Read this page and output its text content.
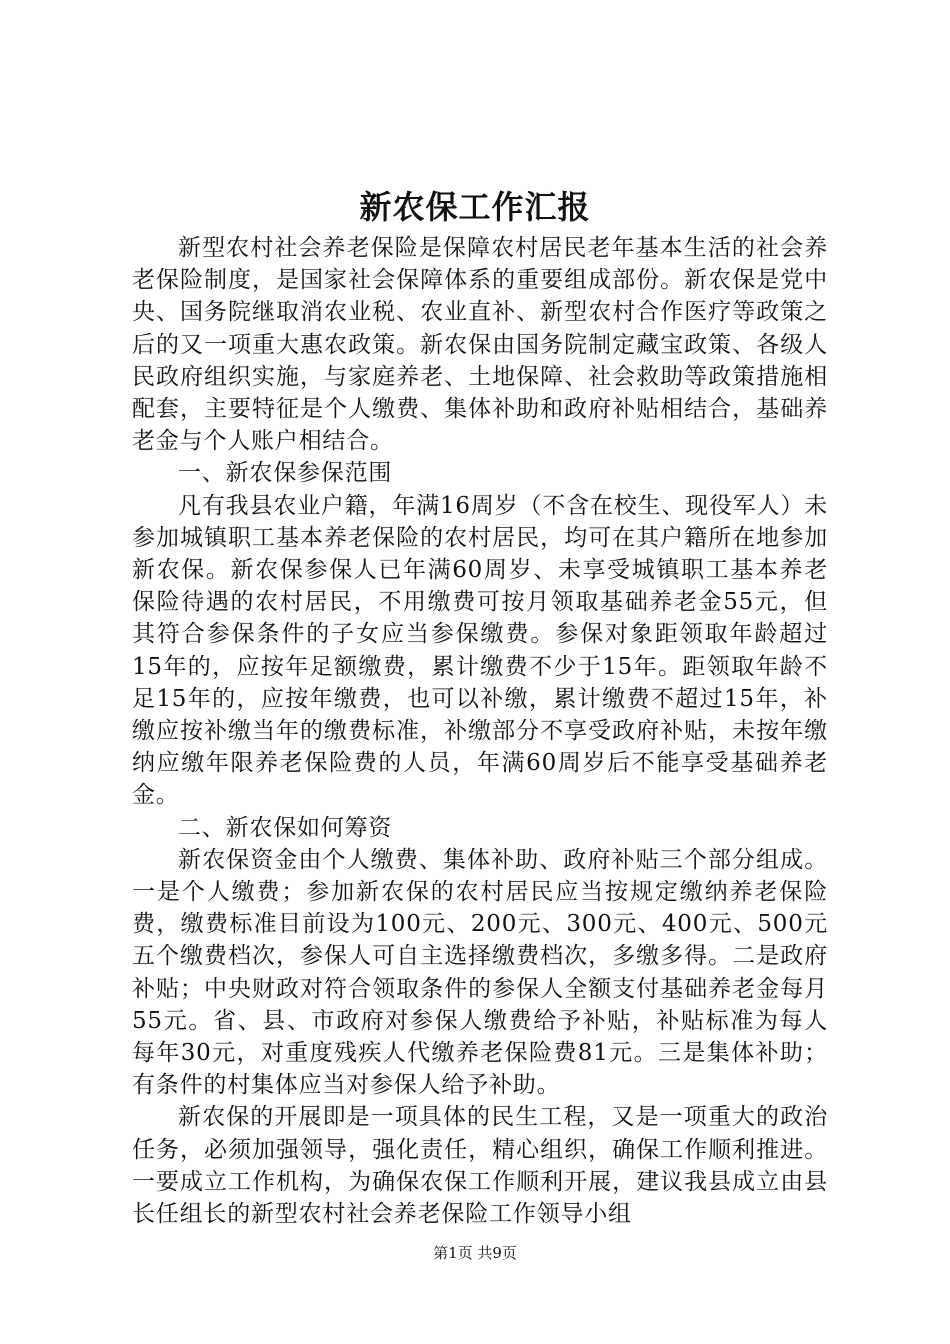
新农保工作汇报

新型农村社会养老保险是保障农村居民老年基本生活的社会养老保险制度，是国家社会保障体系的重要组成部份。新农保是党中央、国务院继取消农业税、农业直补、新型农村合作医疗等政策之后的又一项重大惠农政策。新农保由国务院制定藏宝政策、各级人民政府组织实施，与家庭养老、土地保障、社会救助等政策措施相配套，主要特征是个人缴费、集体补助和政府补贴相结合，基础养老金与个人账户相结合。

一、新农保参保范围

凡有我县农业户籍，年满16周岁（不含在校生、现役军人）未参加城镇职工基本养老保险的农村居民，均可在其户籍所在地参加新农保。新农保参保人已年满60周岁、未享受城镇职工基本养老保险待遇的农村居民，不用缴费可按月领取基础养老金55元，但其符合参保条件的子女应当参保缴费。参保对象距领取年龄超过15年的，应按年足额缴费，累计缴费不少于15年。距领取年龄不足15年的，应按年缴费，也可以补缴，累计缴费不超过15年，补缴应按补缴当年的缴费标准，补缴部分不享受政府补贴，未按年缴纳应缴年限养老保险费的人员，年满60周岁后不能享受基础养老金。

二、新农保如何筹资

新农保资金由个人缴费、集体补助、政府补贴三个部分组成。一是个人缴费；参加新农保的农村居民应当按规定缴纳养老保险费，缴费标准目前设为100元、200元、300元、400元、500元五个缴费档次，参保人可自主选择缴费档次，多缴多得。二是政府补贴；中央财政对符合领取条件的参保人全额支付基础养老金每月55元。省、县、市政府对参保人缴费给予补贴，补贴标准为每人每年30元，对重度残疾人代缴养老保险费81元。三是集体补助；有条件的村集体应当对参保人给予补助。

新农保的开展即是一项具体的民生工程，又是一项重大的政治任务，必须加强领导，强化责任，精心组织，确保工作顺利推进。一要成立工作机构，为确保农保工作顺利开展，建议我县成立由县长任组长的新型农村社会养老保险工作领导小组

第1页 共9页
